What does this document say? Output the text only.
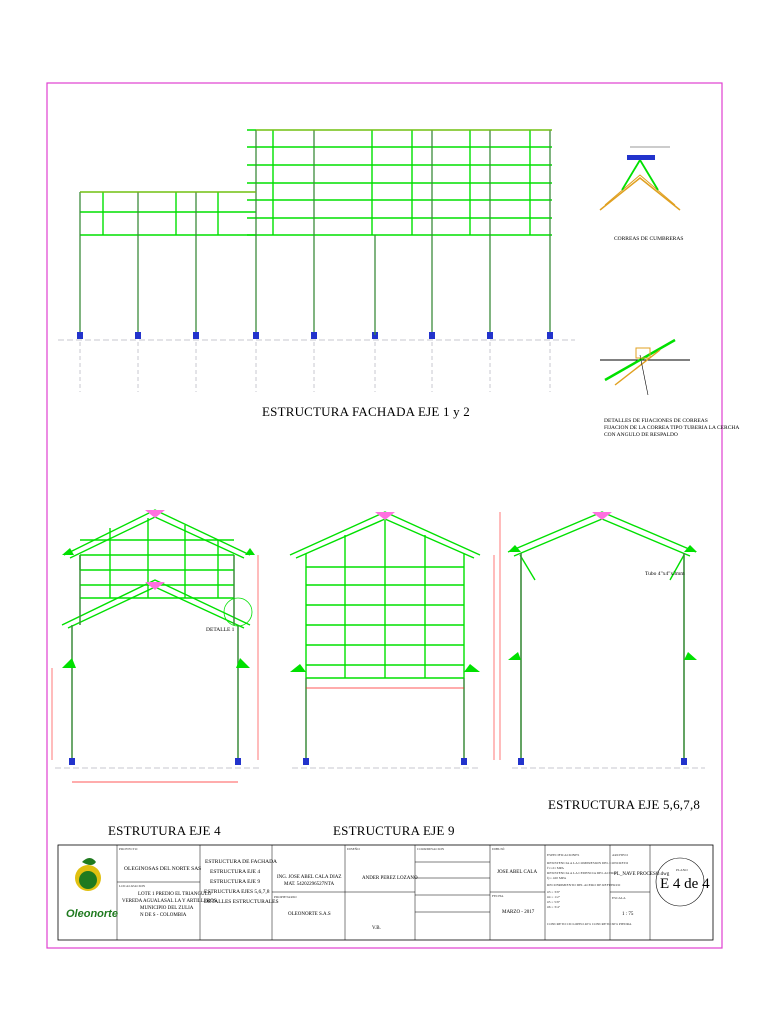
ESTRUCTURA FACHADA EJE 1 y 2
ESTRUTURA EJE 4	ESTRUCTURA EJE 9
ESTRUCTURA EJE 5,6,7,8
CORREAS DE CUMBRERAS
DETALLES DE FIJACIONES DE CORREAS
FIJACION DE LA CORREA TIPO TUBERIA LA CERCHA
CON ANGULO DE RESPALDO
DETALLE 1
Tubo 4"x4"x3mm
Oleonorte
PROYECTO
OLEGINOSAS DEL NORTE SAS
LOCALIZACION
LOTE 1 PREDIO EL TRIANGULO
VEREDA AGUALASAL LA Y ARTILLEROS
MUNICIPIO DEL ZULIA
N DE S - COLOMBIA
ESTRUCTURA DE FACHADA
ESTRUCTURA EJE 4
ESTRUCTURA EJE 9
ESTRUCTURA EJES 5,6,7,8
DETALLES ESTRUCTURALES
ING. JOSE ABEL CALA DIAZ
MAT. 54202296527NTA
PROPIETARIO
OLEONORTE S.A.S
DISEÑO
ANDER PEREZ LOZANO
V.B.
COORDINACION	DIBUJÓ
JOSE ABEL CALA
FECHA
MARZO - 2017
ESPECIFICACIONES
RESISTENCIA A LA COMPRESION DEL CONCRETO
f'c=21 MPA
RESISTENCIA A LA CEDENCIA DEL ACERO
fy= 420 MPA
RECUBRIMIENTO DEL ACERO DE REFUERZO
#3 = 3/8"
#4 = 1/2"
#5 = 5/8"
#6 = 3/4"
CONCRETO CICLOPEO 40% CONCRETO 60% PIEDRA
ARCHIVO
PL_NAVE PROCESO.dwg
ESCALA
1 : 75
PLANO
E 4 de 4
